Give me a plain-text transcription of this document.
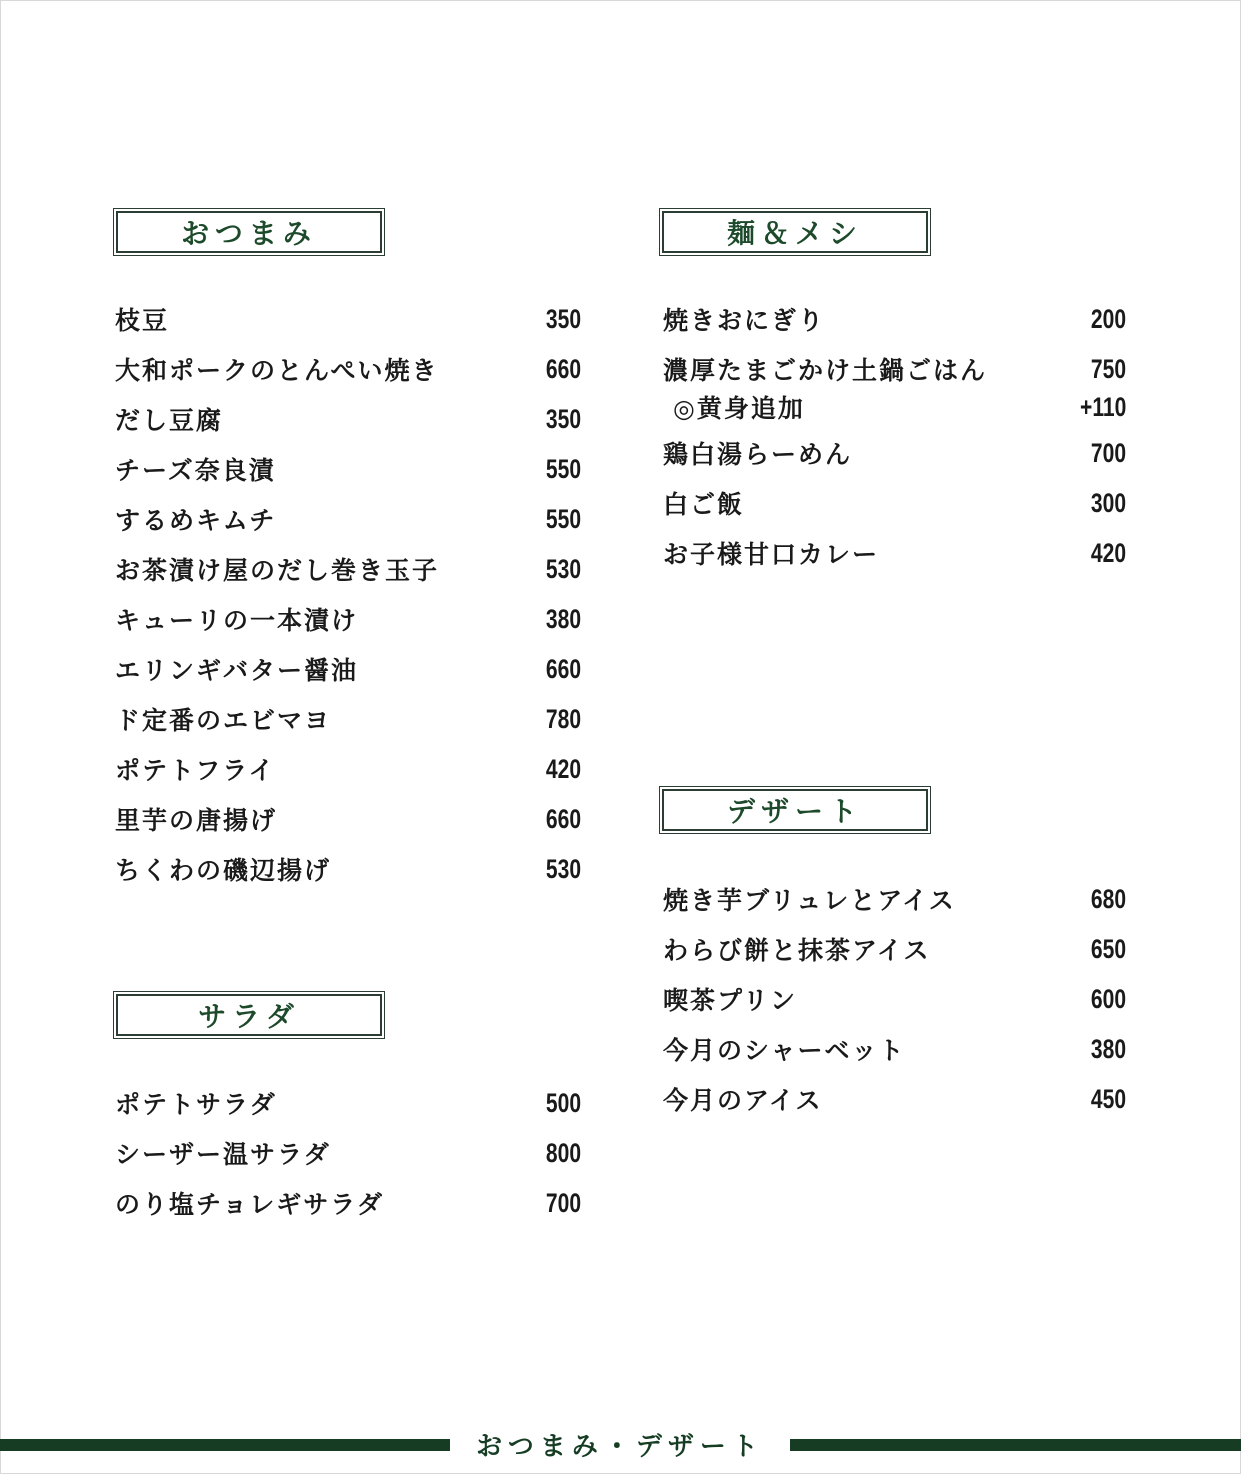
おつまみ
枝豆	350
大和ポークのとんぺい焼き	660
だし豆腐	350
チーズ奈良漬	550
するめキムチ	550
お茶漬け屋のだし巻き玉子	530
キューリの一本漬け	380
エリンギバター醤油	660
ド定番のエビマヨ	780
ポテトフライ	420
里芋の唐揚げ	660
ちくわの磯辺揚げ	530
サラダ
ポテトサラダ	500
シーザー温サラダ	800
のり塩チョレギサラダ	700
麺＆メシ
焼きおにぎり	200
濃厚たまごかけ土鍋ごはん	750
◎黄身追加	+110
鶏白湯らーめん	700
白ご飯	300
お子様甘口カレー	420
デザート
焼き芋ブリュレとアイス	680
わらび餅と抹茶アイス	650
喫茶プリン	600
今月のシャーベット	380
今月のアイス	450
おつまみ・デザート
